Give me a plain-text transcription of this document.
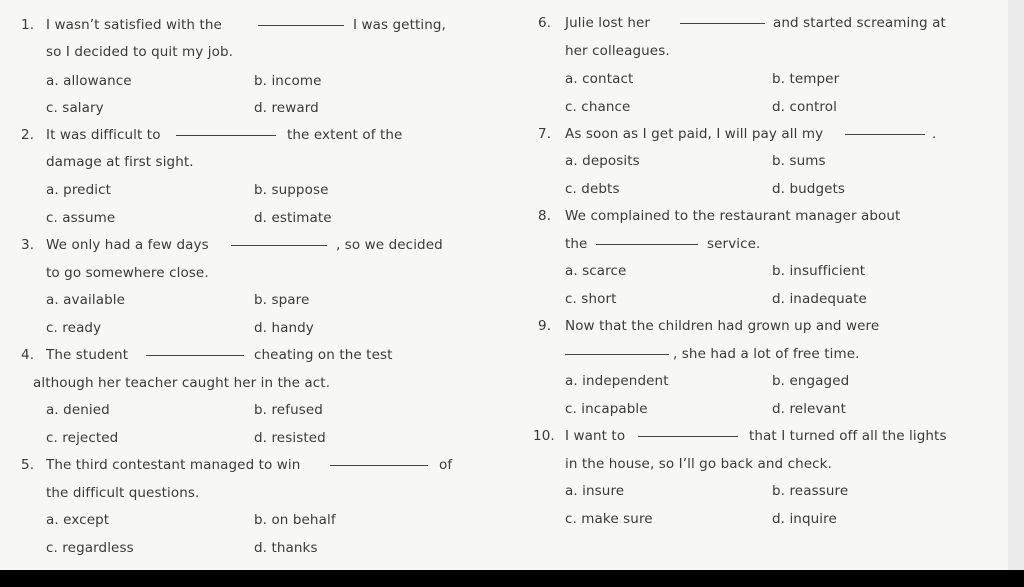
1. I wasn’t satisfied with the	I was getting,
so I decided to quit my job.
a. allowance	b. income
c. salary	d. reward
2. It was difficult to	the extent of the
damage at first sight.
a. predict	b. suppose
c. assume	d. estimate
3. We only had a few days	, so we decided
to go somewhere close.
a. available	b. spare
c. ready	d. handy
4. The student	cheating on the test
although her teacher caught her in the act.
a. denied	b. refused
c. rejected	d. resisted
5. The third contestant managed to win	of
the difficult questions.
a. except	b. on behalf
c. regardless	d. thanks
6. Julie lost her	and started screaming at
her colleagues.
a. contact	b. temper
c. chance	d. control
7. As soon as I get paid, I will pay all my	.
a. deposits	b. sums
c. debts	d. budgets
8. We complained to the restaurant manager about
the	service.
a. scarce	b. insufficient
c. short	d. inadequate
9. Now that the children had grown up and were
, she had a lot of free time.
a. independent	b. engaged
c. incapable	d. relevant
10. I want to	that I turned off all the lights
in the house, so I’ll go back and check.
a. insure	b. reassure
c. make sure	d. inquire
